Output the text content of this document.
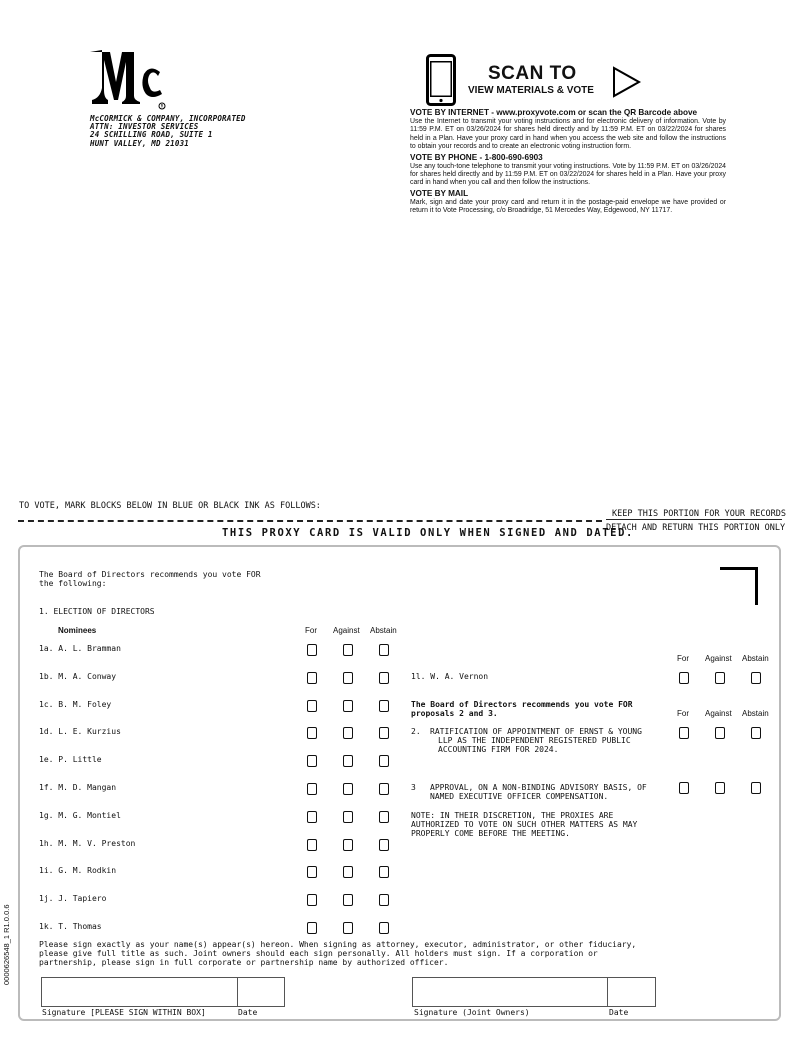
R
McCORMICK & COMPANY, INCORPORATED
ATTN: INVESTOR SERVICES
24 SCHILLING ROAD, SUITE 1
HUNT VALLEY, MD 21031
SCAN TO
VIEW MATERIALS & VOTE
VOTE BY INTERNET - www.proxyvote.com or scan the QR Barcode above

Use the Internet to transmit your voting instructions and for electronic delivery of information. Vote by 11:59 P.M. ET on 03/26/2024 for shares held directly and by 11:59 P.M. ET on 03/22/2024 for shares held in a Plan. Have your proxy card in hand when you access the web site and follow the instructions to obtain your records and to create an electronic voting instruction form.

VOTE BY PHONE - 1-800-690-6903

Use any touch-tone telephone to transmit your voting instructions. Vote by 11:59 P.M. ET on 03/26/2024 for shares held directly and by 11:59 P.M. ET on 03/22/2024 for shares held in a Plan. Have your proxy card in hand when you call and then follow the instructions.

VOTE BY MAIL

Mark, sign and date your proxy card and return it in the postage-paid envelope we have provided or return it to Vote Processing, c/o Broadridge, 51 Mercedes Way, Edgewood, NY 11717.

TO VOTE, MARK BLOCKS BELOW IN BLUE OR BLACK INK AS FOLLOWS:
KEEP THIS PORTION FOR YOUR RECORDS
DETACH AND RETURN THIS PORTION ONLY
THIS PROXY CARD IS VALID ONLY WHEN SIGNED AND DATED.
0000626548_1 R1.0.0.6
The Board of Directors recommends you vote FOR
the following:
1. ELECTION OF DIRECTORS
Nominees	For Against Abstain
1a. A. L. Bramman
1b. M. A. Conway
1c. B. M. Foley
1d. L. E. Kurzius
1e. P. Little
1f. M. D. Mangan
1g. M. G. Montiel
1h. M. M. V. Preston
1i. G. M. Rodkin
1j. J. Tapiero
1k. T. Thomas
For Against Abstain
1l. W. A. Vernon
The Board of Directors recommends you vote FOR
proposals 2 and 3.	For Against Abstain
2. RATIFICATION OF APPOINTMENT OF ERNST & YOUNG
LLP AS THE INDEPENDENT REGISTERED PUBLIC
ACCOUNTING FIRM FOR 2024.
3 APPROVAL, ON A NON-BINDING ADVISORY BASIS, OF
NAMED EXECUTIVE OFFICER COMPENSATION.
NOTE: IN THEIR DISCRETION, THE PROXIES ARE
AUTHORIZED TO VOTE ON SUCH OTHER MATTERS AS MAY
PROPERLY COME BEFORE THE MEETING.
Please sign exactly as your name(s) appear(s) hereon. When signing as attorney, executor, administrator, or other fiduciary,
please give full title as such. Joint owners should each sign personally. All holders must sign. If a corporation or
partnership, please sign in full corporate or partnership name by authorized officer.
Signature [PLEASE SIGN WITHIN BOX]	Date	Signature (Joint Owners)	Date
